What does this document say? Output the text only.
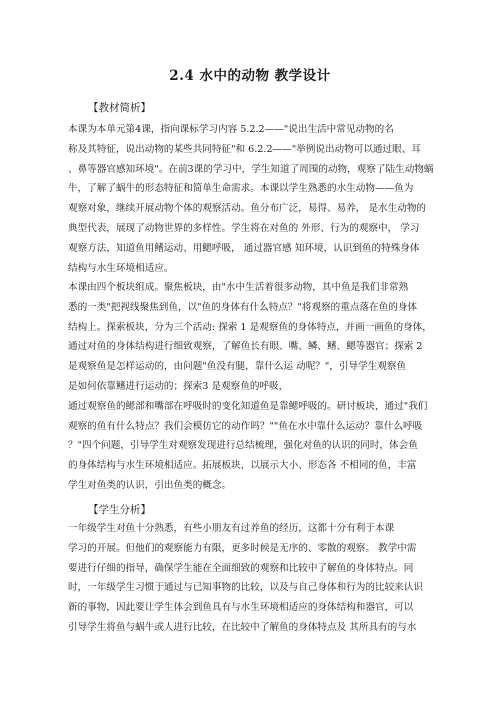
2.4 水中的动物 教学设计
【教材简析】
本课为本单元第4课，指向课标学习内容 5.2.2——"说出生活中常见动物的名
称及其特征，说出动物的某些共同特征"和 6.2.2——"举例说出动物可以通过眼、耳
、鼻等器官感知环境"。在前3课的学习中，学生知道了周围的动物，观察了陆生动物蜗
牛，了解了蜗牛的形态特征和简单生命需求。本课以学生熟悉的水生动物——鱼为
观察对象，继续开展动物个体的观察活动。鱼分布广泛，易得、易养， 是水生动物的
典型代表，展现了动物世界的多样性。学生将在对鱼的 外形、行为的观察中， 学习
观察方法，知道鱼用鳍运动、用鳃呼吸， 通过器官感 知环境，认识到鱼的特殊身体
结构与水生环境相适应。
本课由四个板块组成。聚焦板块，由"水中生活着很多动物，其中鱼是我们非常熟
悉的一类"把视线聚焦到鱼，以"鱼的身体有什么特点？"将观察的重点落在鱼的身体
结构上。探索板块，分为三个活动: 探索 1 是观察鱼的身体特点，并画一画鱼的身体，
通过对鱼的身体结构进行细致观察，了解鱼长有眼、嘴、鳞、鳍、鳃等器官；探索 2
是观察鱼是怎样运动的，由问题"鱼没有腿，靠什么运 动呢？"，引导学生观察鱼
是如何依靠鳍进行运动的；探索3 是观察鱼的呼吸，
通过观察鱼的鳃部和嘴部在呼吸时的变化知道鱼是靠鳃呼吸的。研讨板块，通过"我们
观察的鱼有什么特点？我们会模仿它的动作吗？""鱼在水中靠什么运动？靠什么呼吸
？"四个问题，引导学生对观察发现进行总结梳理，强化对鱼的认识的同时，体会鱼
的身体结构与水生环境相适应。拓展板块，以展示大小、形态各 不相同的鱼，丰富
学生对鱼类的认识，引出鱼类的概念。
【学生分析】
一年级学生对鱼十分熟悉，有些小朋友有过养鱼的经历，这都十分有利于本课
学习的开展。但他们的观察能力有限，更多时候是无序的、零散的观察。 教学中需
要进行仔细的指导，确保学生能在全面细致的观察和比较中了解鱼的身体特点。同
时，一年级学生习惯于通过与已知事物的比较，以及与自己身体和行为的比较来认识
新的事物，因此要让学生体会到鱼具有与水生环境相适应的身体结构和器官，可以
引导学生将鱼与蜗牛或人进行比较，在比较中了解鱼的身体特点及 其所具有的与水
